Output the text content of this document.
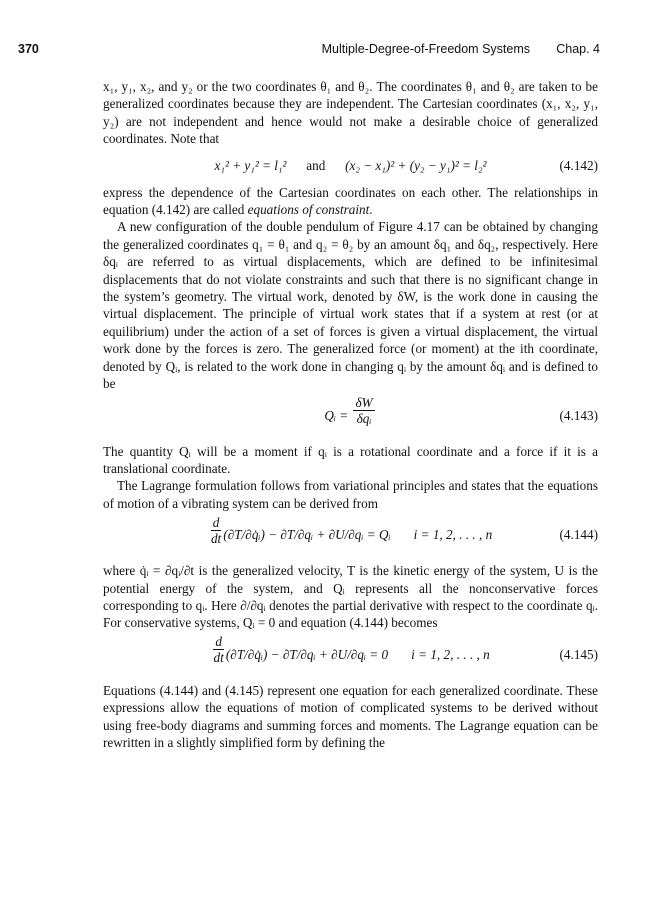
370	Multiple-Degree-of-Freedom Systems Chap. 4

x₁, y₁, x₂, and y₂ or the two coordinates θ₁ and θ₂. The coordinates θ₁ and θ₂ are taken to be generalized coordinates because they are independent. The Cartesian coordinates (x₁, x₂, y₁, y₂) are not independent and hence would not make a desirable choice of generalized coordinates. Note that

x₁² + y₁² = l₁² and (x₂ − x₁)² + (y₂ − y₁)² = l₂²	(4.142)

express the dependence of the Cartesian coordinates on each other. The relationships in equation (4.142) are called equations of constraint.

A new configuration of the double pendulum of Figure 4.17 can be obtained by changing the generalized coordinates q₁ = θ₁ and q₂ = θ₂ by an amount δq₁ and δq₂, respectively. Here δqᵢ are referred to as virtual displacements, which are defined to be infinitesimal displacements that do not violate constraints and such that there is no significant change in the system’s geometry. The virtual work, denoted by δW, is the work done in causing the virtual displacement. The principle of virtual work states that if a system at rest (or at equilibrium) under the action of a set of forces is given a virtual displacement, the virtual work done by the forces is zero. The generalized force (or moment) at the ith coordinate, denoted by Qᵢ, is related to the work done in changing qᵢ by the amount δqᵢ and is defined to be

Qᵢ = $\frac{\delta W}{\text{δqᵢ}}$	(4.143)

The quantity Qᵢ will be a moment if qᵢ is a rotational coordinate and a force if it is a translational coordinate.

The Lagrange formulation follows from variational principles and states that the equations of motion of a vibrating system can be derived from

$\frac{d}{dt}$ (∂T/∂q̇ᵢ) − ∂T/∂qᵢ + ∂U/∂qᵢ = Qᵢ i = 1, 2, . . . , n	(4.144)

where q̇ᵢ = ∂qᵢ/∂t is the generalized velocity, T is the kinetic energy of the system, U is the potential energy of the system, and Qᵢ represents all the nonconservative forces corresponding to qᵢ. Here ∂/∂qᵢ denotes the partial derivative with respect to the coordinate qᵢ. For conservative systems, Qᵢ = 0 and equation (4.144) becomes

$\frac{d}{dt}$ (∂T/∂q̇ᵢ) − ∂T/∂qᵢ + ∂U/∂qᵢ = 0 i = 1, 2, . . . , n	(4.145)

Equations (4.144) and (4.145) represent one equation for each generalized coordinate. These expressions allow the equations of motion of complicated systems to be derived without using free-body diagrams and summing forces and moments. The Lagrange equation can be rewritten in a slightly simplified form by defining the
